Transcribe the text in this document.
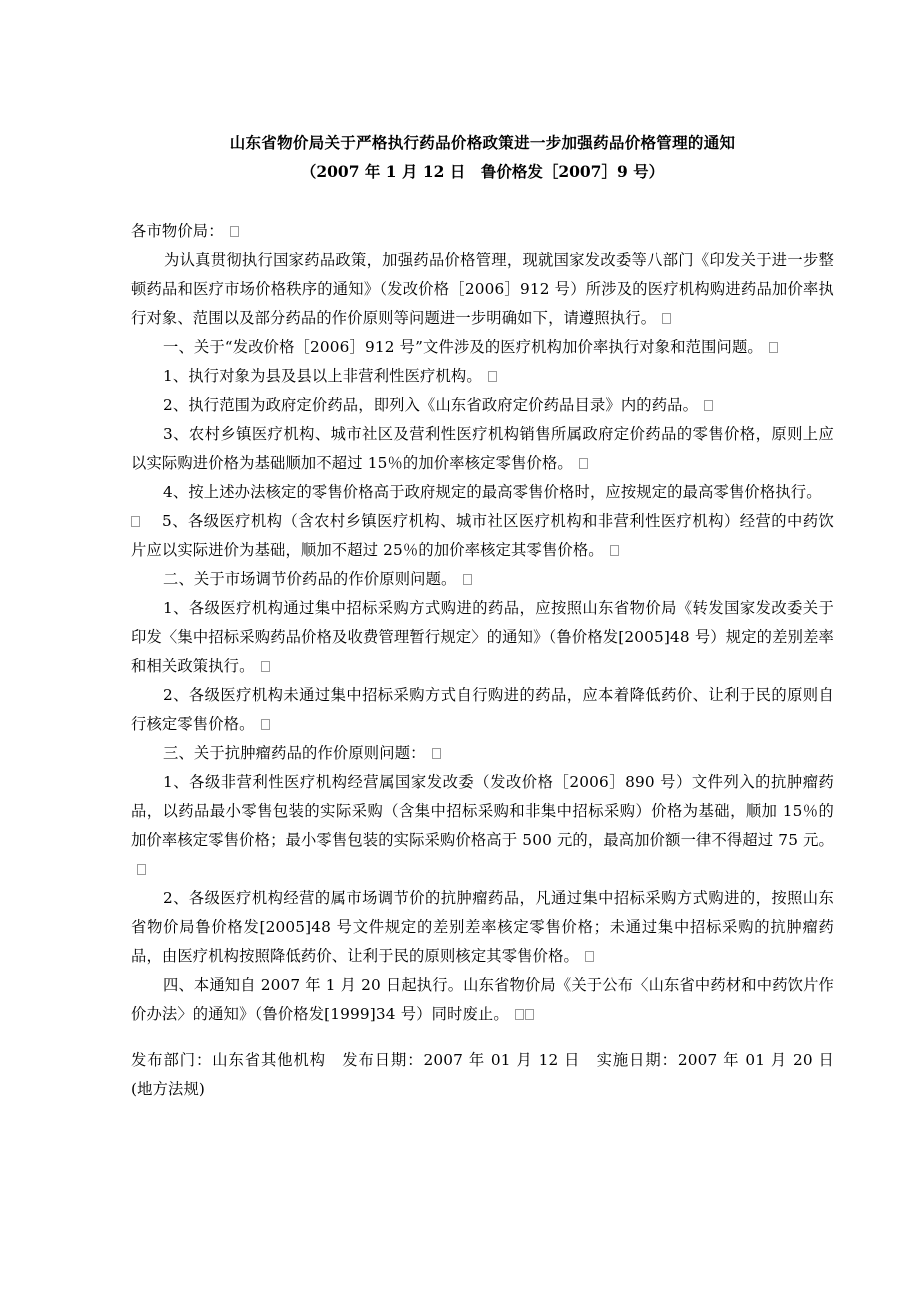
山东省物价局关于严格执行药品价格政策进一步加强药品价格管理的通知

（2007 年 1 月 12 日　鲁价格发［2007］9 号）

各市物价局：

为认真贯彻执行国家药品政策，加强药品价格管理，现就国家发改委等八部门《印发关于进一步整顿药品和医疗市场价格秩序的通知》（发改价格［2006］912 号）所涉及的医疗机构购进药品加价率执行对象、范围以及部分药品的作价原则等问题进一步明确如下，请遵照执行。

一、关于“发改价格［2006］912 号”文件涉及的医疗机构加价率执行对象和范围问题。

1、执行对象为县及县以上非营利性医疗机构。

2、执行范围为政府定价药品，即列入《山东省政府定价药品目录》内的药品。

3、农村乡镇医疗机构、城市社区及营利性医疗机构销售所属政府定价药品的零售价格，原则上应以实际购进价格为基础顺加不超过 15％的加价率核定零售价格。

4、按上述办法核定的零售价格高于政府规定的最高零售价格时，应按规定的最高零售价格执行。

5、各级医疗机构（含农村乡镇医疗机构、城市社区医疗机构和非营利性医疗机构）经营的中药饮片应以实际进价为基础，顺加不超过 25％的加价率核定其零售价格。

二、关于市场调节价药品的作价原则问题。

1、各级医疗机构通过集中招标采购方式购进的药品，应按照山东省物价局《转发国家发改委关于印发〈集中招标采购药品价格及收费管理暂行规定〉的通知》（鲁价格发[2005]48 号）规定的差别差率和相关政策执行。

2、各级医疗机构未通过集中招标采购方式自行购进的药品，应本着降低药价、让利于民的原则自行核定零售价格。

三、关于抗肿瘤药品的作价原则问题：

1、各级非营利性医疗机构经营属国家发改委（发改价格［2006］890 号）文件列入的抗肿瘤药品，以药品最小零售包装的实际采购（含集中招标采购和非集中招标采购）价格为基础，顺加 15％的加价率核定零售价格；最小零售包装的实际采购价格高于 500 元的，最高加价额一律不得超过 75 元。

2、各级医疗机构经营的属市场调节价的抗肿瘤药品，凡通过集中招标采购方式购进的，按照山东省物价局鲁价格发[2005]48 号文件规定的差别差率核定零售价格；未通过集中招标采购的抗肿瘤药品，由医疗机构按照降低药价、让利于民的原则核定其零售价格。

四、本通知自 2007 年 1 月 20 日起执行。山东省物价局《关于公布〈山东省中药材和中药饮片作价办法〉的通知》（鲁价格发[1999]34 号）同时废止。

发布部门：山东省其他机构　发布日期：2007 年 01 月 12 日　实施日期：2007 年 01 月 20 日　(地方法规)
